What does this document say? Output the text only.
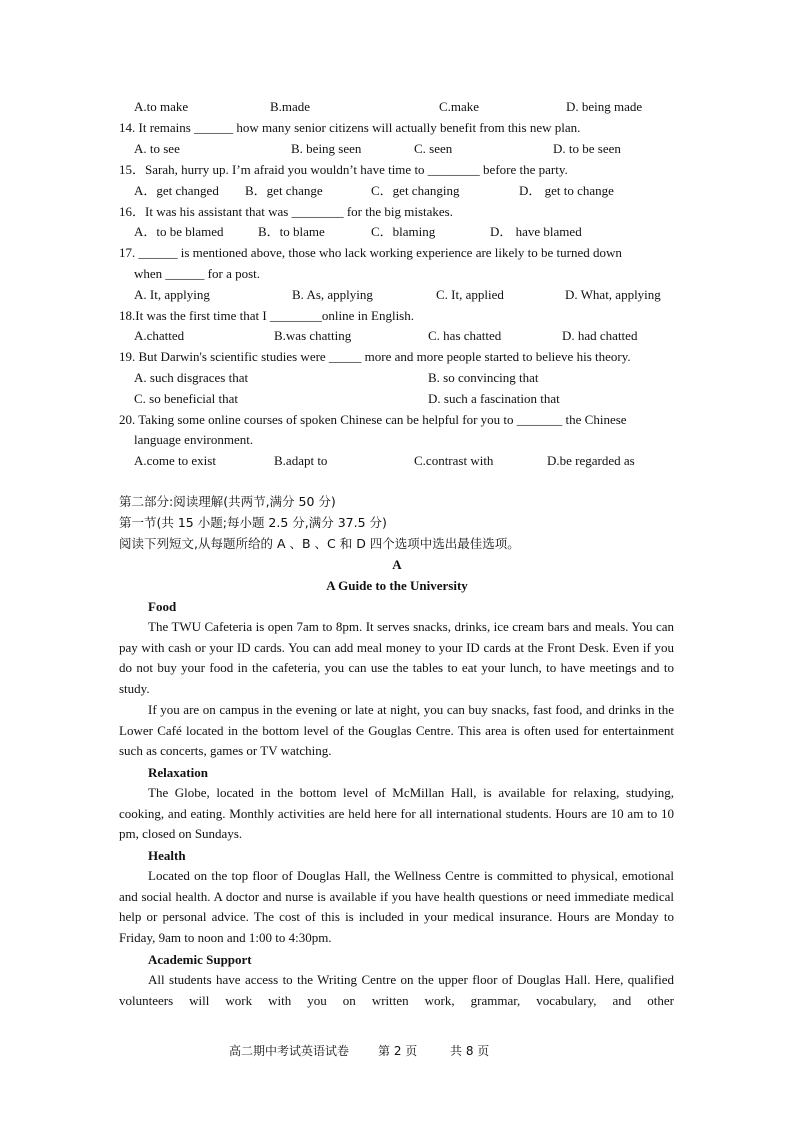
A.to make	B.made	C.make	D. being made
14. It remains ______ how many senior citizens will actually benefit from this new plan.
A. to see	B. being seen	C. seen	D. to be seen
15．Sarah, hurry up. I’m afraid you wouldn’t have time to ________ before the party.
A．get changed B．get change	C．get changing	D． get to change
16．It was his assistant that was ________ for the big mistakes.
A．to be blamed	B．to blame	C．blaming	D． have blamed
17. ______ is mentioned above, those who lack working experience are likely to be turned down
when ______ for a post.
A. It, applying	B. As, applying	C. It, applied	D. What, applying
18.It was the first time that I ________online in English.
A.chatted	B.was chatting	C. has chatted	D. had chatted
19. But Darwin's scientific studies were _____ more and more people started to believe his theory.
A. such disgraces that	B. so convincing that
C. so beneficial that	D. such a fascination that
20. Taking some online courses of spoken Chinese can be helpful for you to _______ the Chinese
language environment.
A.come to exist	B.adapt to	C.contrast with	D.be regarded as
第二部分:阅读理解(共两节,满分 50 分)
第一节(共 15 小题;每小题 2.5 分,满分 37.5 分)
阅读下列短文,从每题所给的 A 、B 、C 和 D 四个选项中选出最佳选项。
A
A Guide to the University
Food

The TWU Cafeteria is open 7am to 8pm. It serves snacks, drinks, ice cream bars and meals. You can pay with cash or your ID cards. You can add meal money to your ID cards at the Front Desk. Even if you do not buy your food in the cafeteria, you can use the tables to eat your lunch, to have meetings and to study.

If you are on campus in the evening or late at night, you can buy snacks, fast food, and drinks in the Lower Café located in the bottom level of the Gouglas Centre. This area is often used for entertainment such as concerts, games or TV watching.

Relaxation

The Globe, located in the bottom level of McMillan Hall, is available for relaxing, studying, cooking, and eating. Monthly activities are held here for all international students. Hours are 10 am to 10 pm, closed on Sundays.

Health

Located on the top floor of Douglas Hall, the Wellness Centre is committed to physical, emotional and social health. A doctor and nurse is available if you have health questions or need immediate medical help or personal advice. The cost of this is included in your medical insurance. Hours are Monday to Friday, 9am to noon and 1:00 to 4:30pm.

Academic Support

All students have access to the Writing Centre on the upper floor of Douglas Hall. Here, qualified volunteers will work with you on written work, grammar, vocabulary, and other

高二期中考试英语试卷 第 2 页	共 8 页
